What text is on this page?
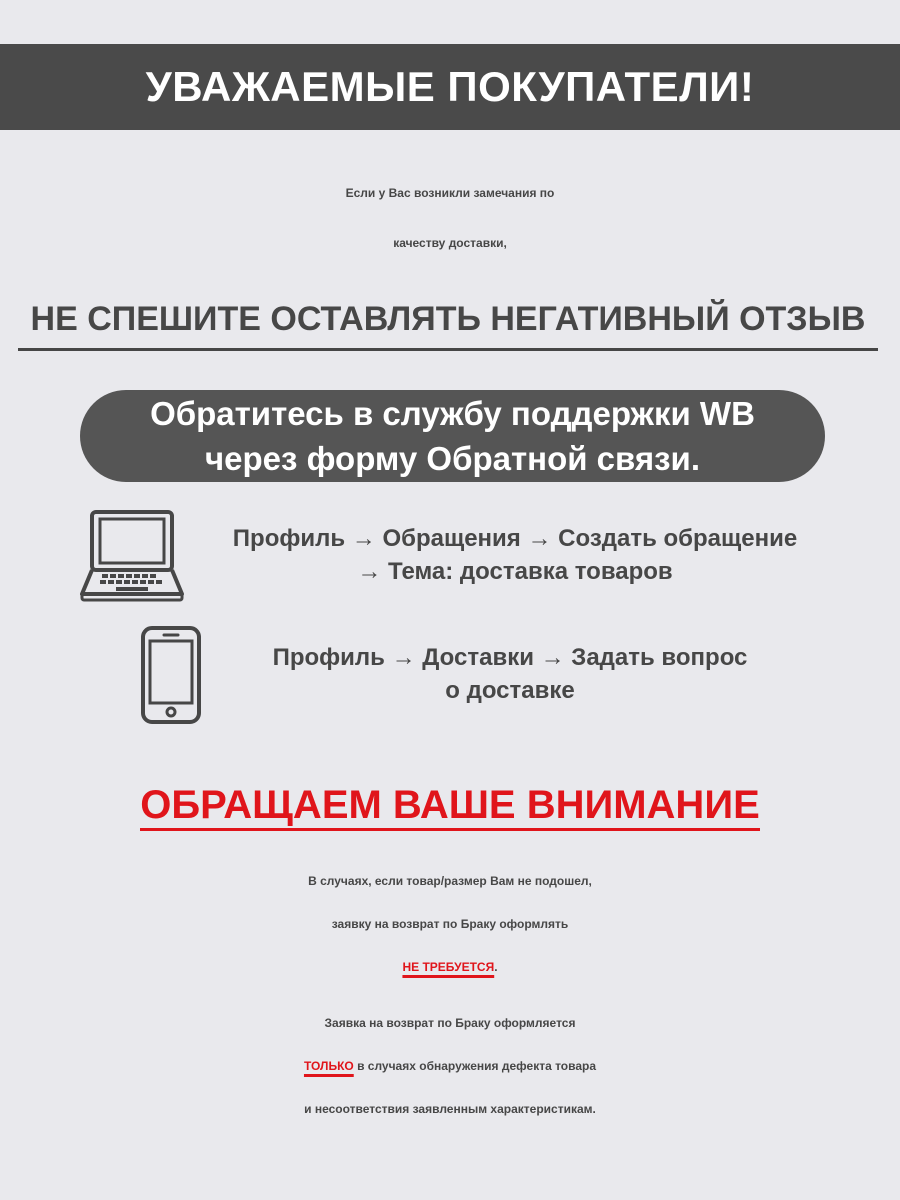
УВАЖАЕМЫЕ ПОКУПАТЕЛИ!
Если у Вас возникли замечания по
качеству доставки,
НЕ СПЕШИТЕ ОСТАВЛЯТЬ НЕГАТИВНЫЙ ОТЗЫВ
Обратитесь в службу поддержки WB
через форму Обратной связи.
Профиль → Обращения → Создать обращение
→ Тема: доставка товаров
Профиль → Доставки → Задать вопрос
о доставке
ОБРАЩАЕМ ВАШЕ ВНИМАНИЕ
В случаях, если товар/размер Вам не подошел,
заявку на возврат по Браку оформлять
НЕ ТРЕБУЕТСЯ.
Заявка на возврат по Браку оформляется
ТОЛЬКО в случаях обнаружения дефекта товара
и несоответствия заявленным характеристикам.
